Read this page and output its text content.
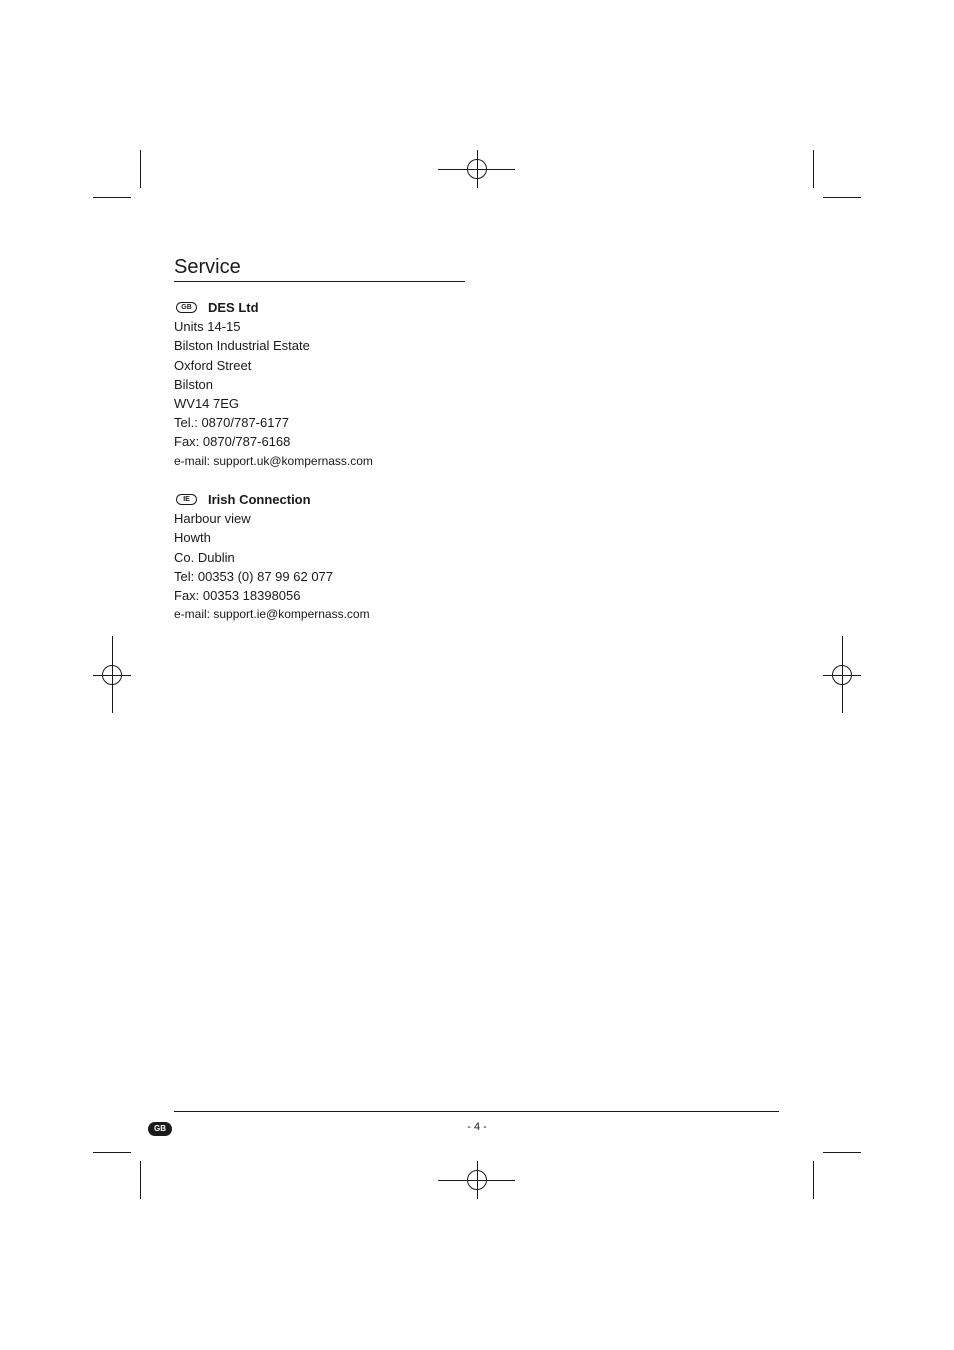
Service
GB	DES Ltd
Units 14-15
Bilston Industrial Estate
Oxford Street
Bilston
WV14 7EG
Tel.: 0870/787-6177
Fax: 0870/787-6168
e-mail: support.uk@kompernass.com
IE	Irish Connection
Harbour view
Howth
Co. Dublin
Tel: 00353 (0) 87 99 62 077
Fax: 00353 18398056
e-mail: support.ie@kompernass.com
GB	- 4 -
